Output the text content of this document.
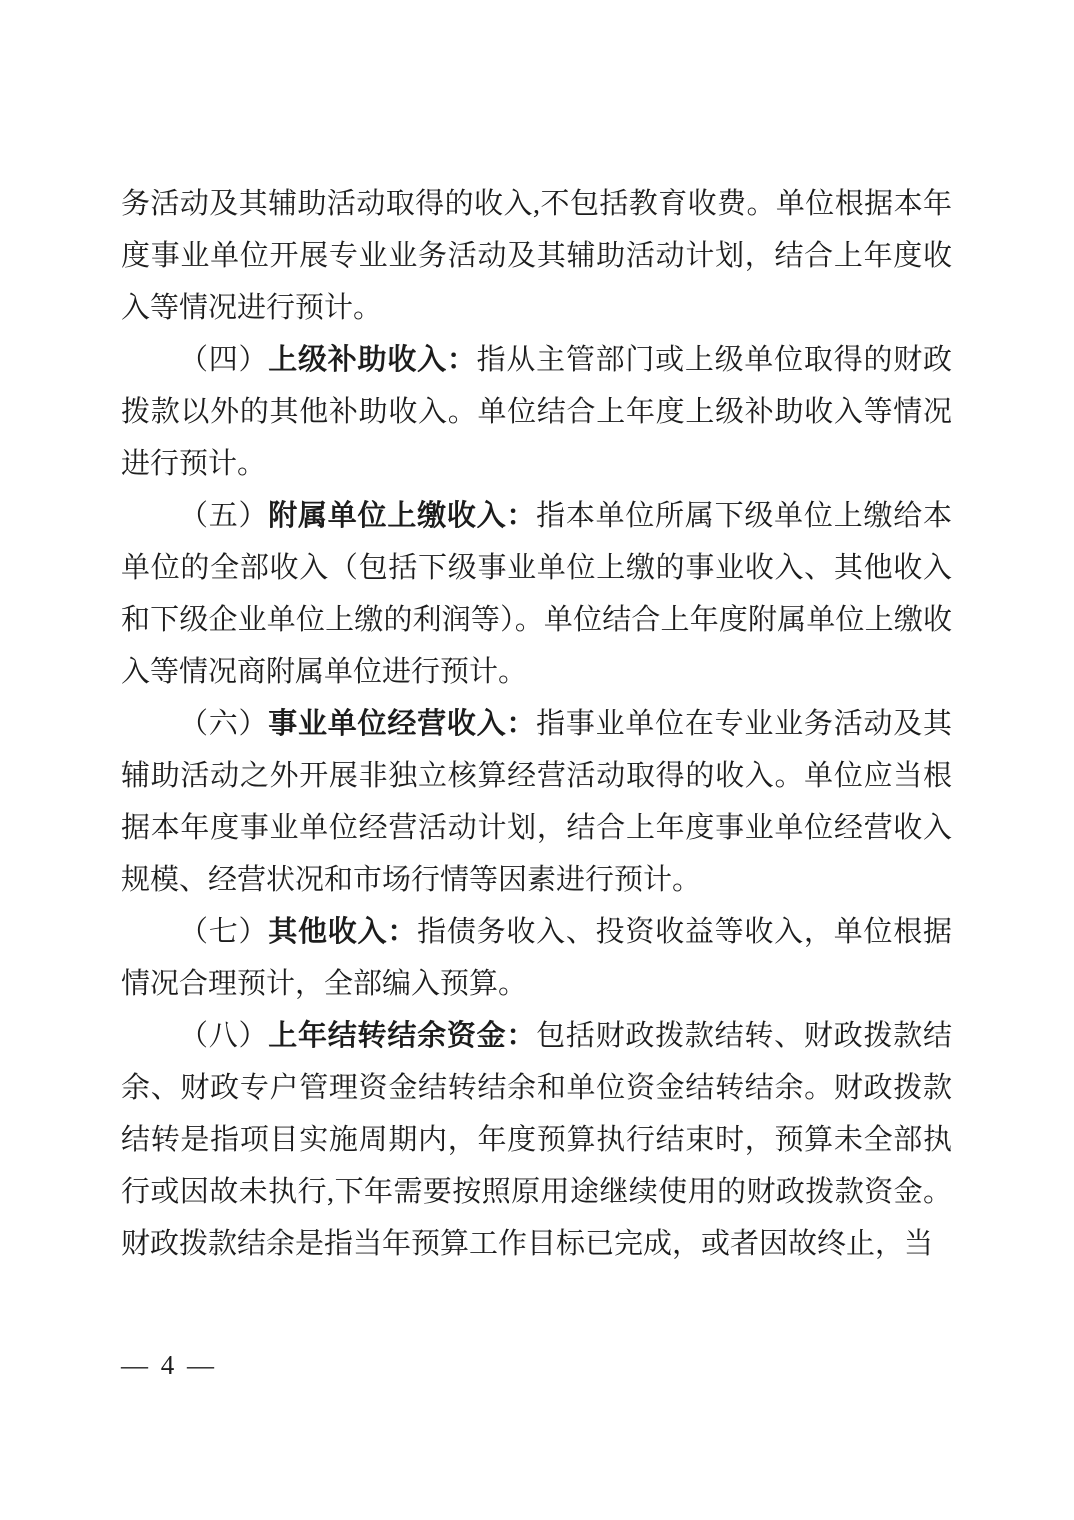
务活动及其辅助活动取得的收入,不包括教育收费。单位根据本年度事业单位开展专业业务活动及其辅助活动计划，结合上年度收入等情况进行预计。

（四）上级补助收入：指从主管部门或上级单位取得的财政拨款以外的其他补助收入。单位结合上年度上级补助收入等情况进行预计。

（五）附属单位上缴收入：指本单位所属下级单位上缴给本单位的全部收入（包括下级事业单位上缴的事业收入、其他收入和下级企业单位上缴的利润等）。单位结合上年度附属单位上缴收入等情况商附属单位进行预计。

（六）事业单位经营收入：指事业单位在专业业务活动及其辅助活动之外开展非独立核算经营活动取得的收入。单位应当根据本年度事业单位经营活动计划，结合上年度事业单位经营收入规模、经营状况和市场行情等因素进行预计。

（七）其他收入：指债务收入、投资收益等收入，单位根据情况合理预计，全部编入预算。

（八）上年结转结余资金：包括财政拨款结转、财政拨款结余、财政专户管理资金结转结余和单位资金结转结余。财政拨款结转是指项目实施周期内，年度预算执行结束时，预算未全部执行或因故未执行,下年需要按照原用途继续使用的财政拨款资金。财政拨款结余是指当年预算工作目标已完成，或者因故终止，当

— 4 —
